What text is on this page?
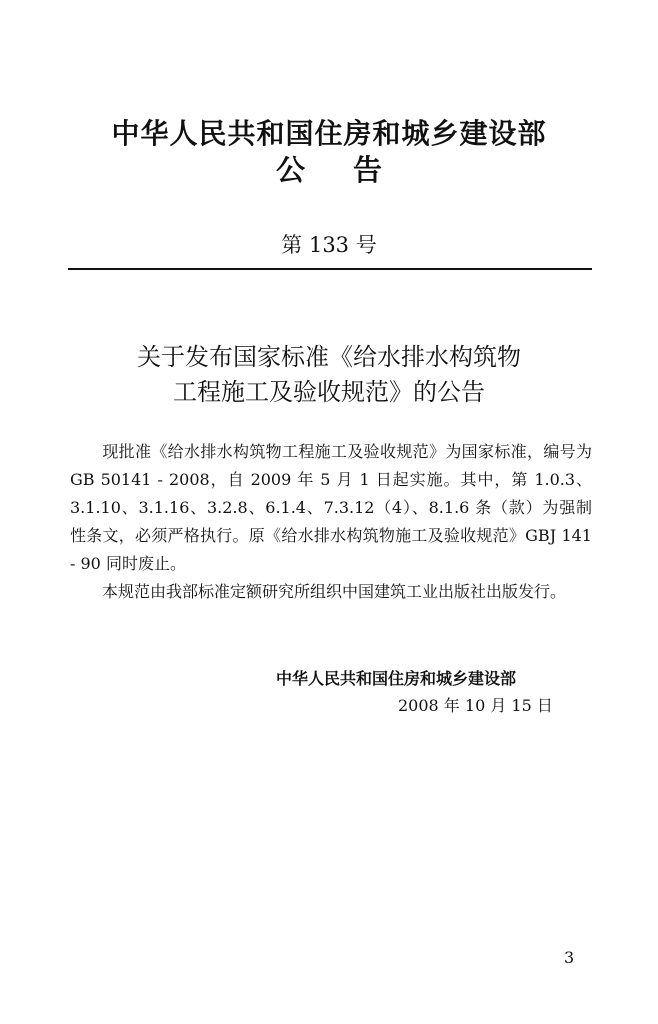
中华人民共和国住房和城乡建设部
公告
第 133 号
关于发布国家标准《给水排水构筑物
工程施工及验收规范》的公告
现批准《给水排水构筑物工程施工及验收规范》为国家标准，编号为 GB 50141 - 2008，自 2009 年 5 月 1 日起实施。其中，第 1.0.3、3.1.10、3.1.16、3.2.8、6.1.4、7.3.12（4）、8.1.6 条（款）为强制性条文，必须严格执行。原《给水排水构筑物施工及验收规范》GBJ 141 - 90 同时废止。
本规范由我部标准定额研究所组织中国建筑工业出版社出版发行。
中华人民共和国住房和城乡建设部
2008 年 10 月 15 日
3
